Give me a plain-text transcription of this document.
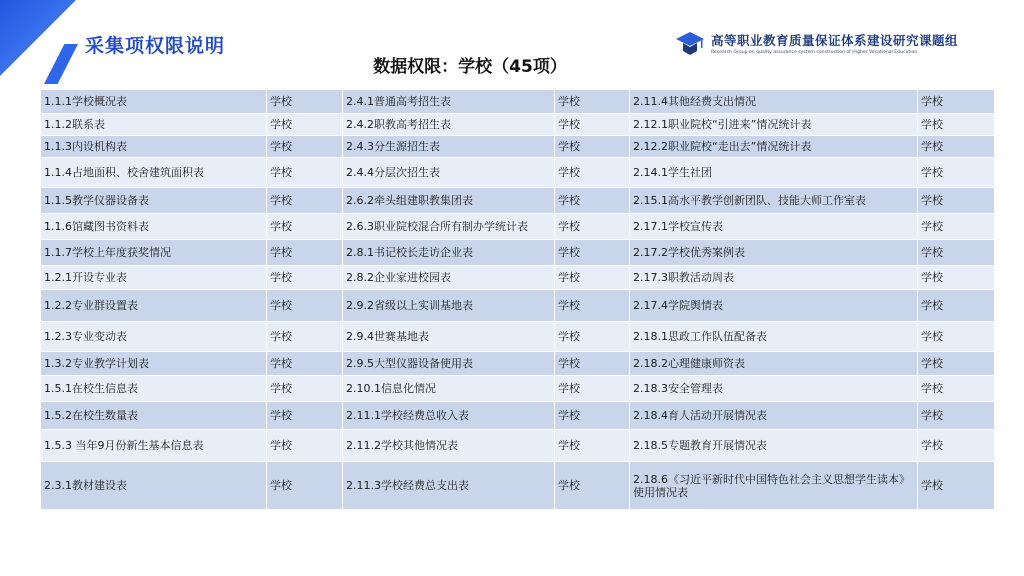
采集项权限说明	高等职业教育质量保证体系建设研究课题组
Research Group on quality assurance system construction of Higher Vocational Education
数据权限：学校（45项）
1.1.1学校概况表	学校	2.4.1普通高考招生表	学校	2.11.4其他经费支出情况	学校
1.1.2联系表	学校	2.4.2职教高考招生表	学校	2.12.1职业院校“引进来”情况统计表	学校
1.1.3内设机构表	学校	2.4.3分生源招生表	学校	2.12.2职业院校“走出去”情况统计表	学校
1.1.4占地面积、校舍建筑面积表	学校	2.4.4分层次招生表	学校	2.14.1学生社团	学校
1.1.5教学仪器设备表	学校	2.6.2牵头组建职教集团表	学校	2.15.1高水平教学创新团队、技能大师工作室表	学校
1.1.6馆藏图书资料表	学校	2.6.3职业院校混合所有制办学统计表	学校	2.17.1学校宣传表	学校
1.1.7学校上年度获奖情况	学校	2.8.1书记校长走访企业表	学校	2.17.2学校优秀案例表	学校
1.2.1开设专业表	学校	2.8.2企业家进校园表	学校	2.17.3职教活动周表	学校
1.2.2专业群设置表	学校	2.9.2省级以上实训基地表	学校	2.17.4学院舆情表	学校
1.2.3专业变动表	学校	2.9.4世赛基地表	学校	2.18.1思政工作队伍配备表	学校
1.3.2专业教学计划表	学校	2.9.5大型仪器设备使用表	学校	2.18.2心理健康师资表	学校
1.5.1在校生信息表	学校	2.10.1信息化情况	学校	2.18.3安全管理表	学校
1.5.2在校生数量表	学校	2.11.1学校经费总收入表	学校	2.18.4育人活动开展情况表	学校
1.5.3 当年9月份新生基本信息表	学校	2.11.2学校其他情况表	学校	2.18.5专题教育开展情况表	学校
2.3.1教材建设表	学校	2.11.3学校经费总支出表	学校	2.18.6《习近平新时代中国特色社会主义思想学生读本》使用情况表	学校
